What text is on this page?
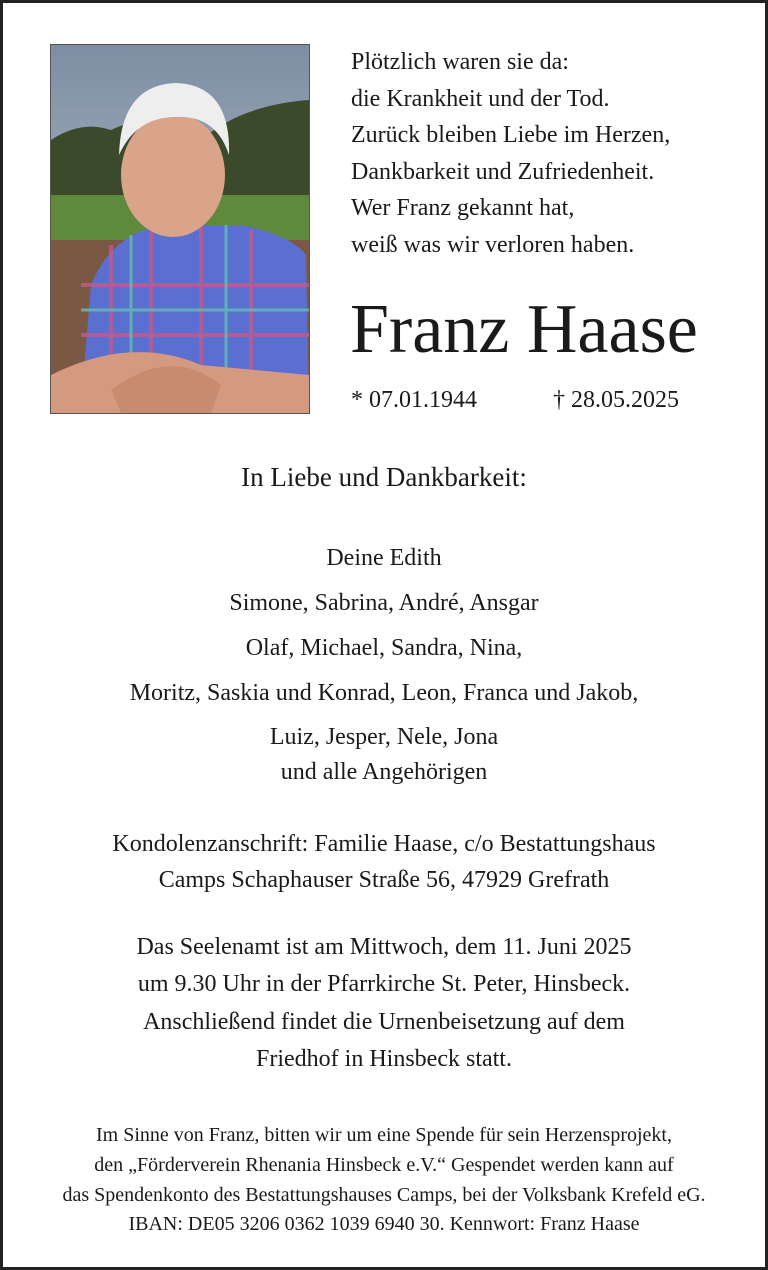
Plötzlich waren sie da:
die Krankheit und der Tod.
Zurück bleiben Liebe im Herzen,
Dankbarkeit und Zufriedenheit.
Wer Franz gekannt hat,
weiß was wir verloren haben.
Franz Haase
* 07.01.1944	† 28.05.2025
In Liebe und Dankbarkeit:
Deine Edith
Simone, Sabrina, André, Ansgar
Olaf, Michael, Sandra, Nina,
Moritz, Saskia und Konrad, Leon, Franca und Jakob,
Luiz, Jesper, Nele, Jona
und alle Angehörigen
Kondolenzanschrift: Familie Haase, c/o Bestattungshaus
Camps Schaphauser Straße 56, 47929 Grefrath
Das Seelenamt ist am Mittwoch, dem 11. Juni 2025
um 9.30 Uhr in der Pfarrkirche St. Peter, Hinsbeck.
Anschließend findet die Urnenbeisetzung auf dem
Friedhof in Hinsbeck statt.
Im Sinne von Franz, bitten wir um eine Spende für sein Herzensprojekt,
den „Förderverein Rhenania Hinsbeck e.V.“ Gespendet werden kann auf
das Spendenkonto des Bestattungshauses Camps, bei der Volksbank Krefeld eG.
IBAN: DE05 3206 0362 1039 6940 30. Kennwort: Franz Haase
